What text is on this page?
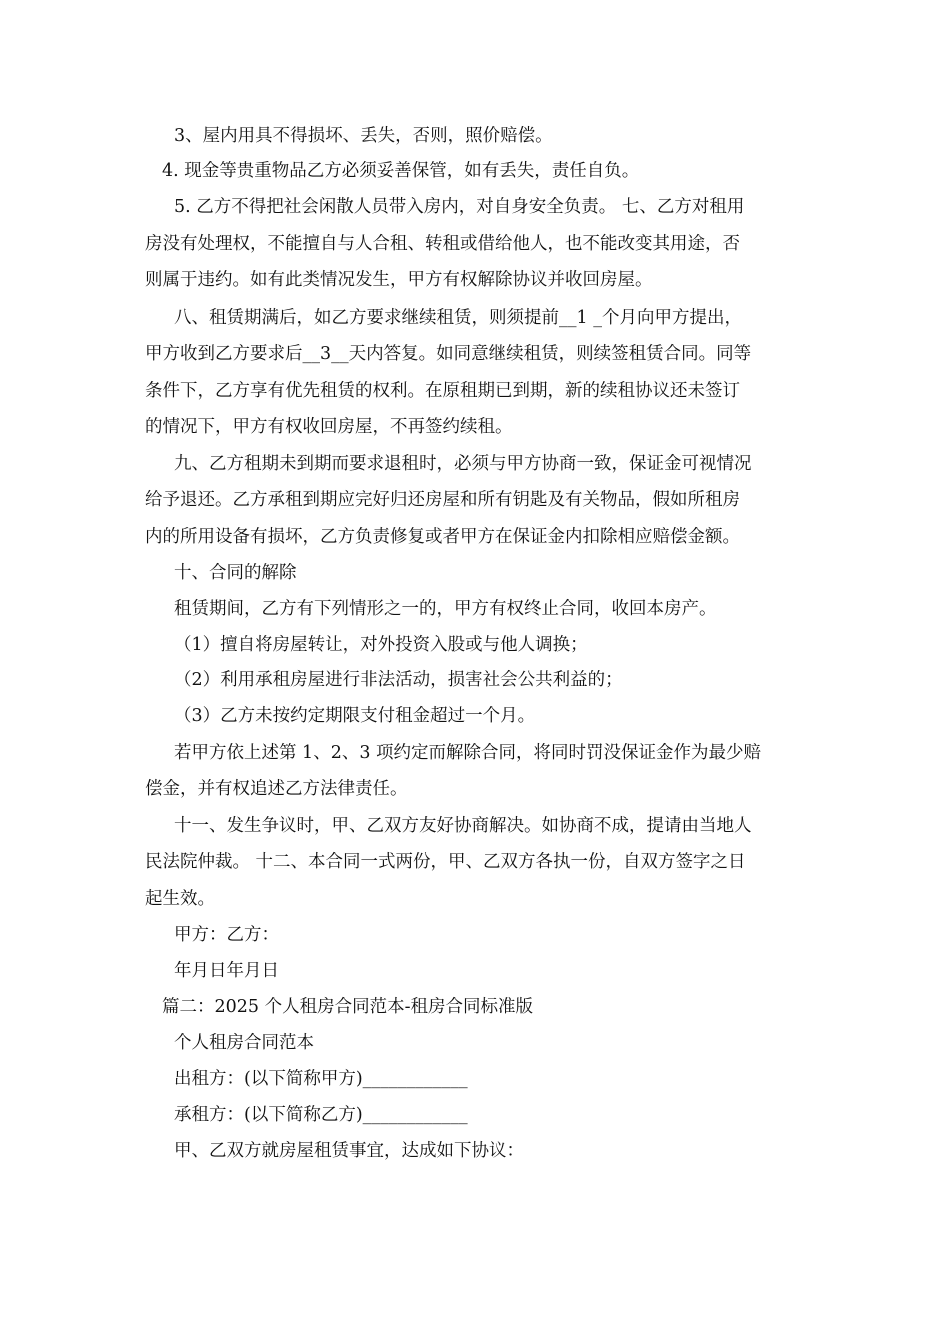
3、屋内用具不得损坏、丢失，否则，照价赔偿。
4. 现金等贵重物品乙方必须妥善保管，如有丢失，责任自负。
5. 乙方不得把社会闲散人员带入房内，对自身安全负责。 七、乙方对租用
房没有处理权，不能擅自与人合租、转租或借给他人，也不能改变其用途，否
则属于违约。如有此类情况发生，甲方有权解除协议并收回房屋。
八、租赁期满后，如乙方要求继续租赁，则须提前__1 _个月向甲方提出，
甲方收到乙方要求后__3__天内答复。如同意继续租赁，则续签租赁合同。同等
条件下，乙方享有优先租赁的权利。在原租期已到期，新的续租协议还未签订
的情况下，甲方有权收回房屋，不再签约续租。
九、乙方租期未到期而要求退租时，必须与甲方协商一致，保证金可视情况
给予退还。乙方承租到期应完好归还房屋和所有钥匙及有关物品，假如所租房
内的所用设备有损坏，乙方负责修复或者甲方在保证金内扣除相应赔偿金额。
十、合同的解除
租赁期间，乙方有下列情形之一的，甲方有权终止合同，收回本房产。
（1）擅自将房屋转让，对外投资入股或与他人调换；
（2）利用承租房屋进行非法活动，损害社会公共利益的；
（3）乙方未按约定期限支付租金超过一个月。
若甲方依上述第 1、2、3 项约定而解除合同，将同时罚没保证金作为最少赔
偿金，并有权追述乙方法律责任。
十一、发生争议时，甲、乙双方友好协商解决。如协商不成，提请由当地人
民法院仲裁。 十二、本合同一式两份，甲、乙双方各执一份，自双方签字之日
起生效。
甲方：乙方：
年月日年月日
篇二：2025 个人租房合同范本-租房合同标准版
个人租房合同范本
出租方：(以下简称甲方)____________
承租方：(以下简称乙方)____________
甲、乙双方就房屋租赁事宜，达成如下协议：
